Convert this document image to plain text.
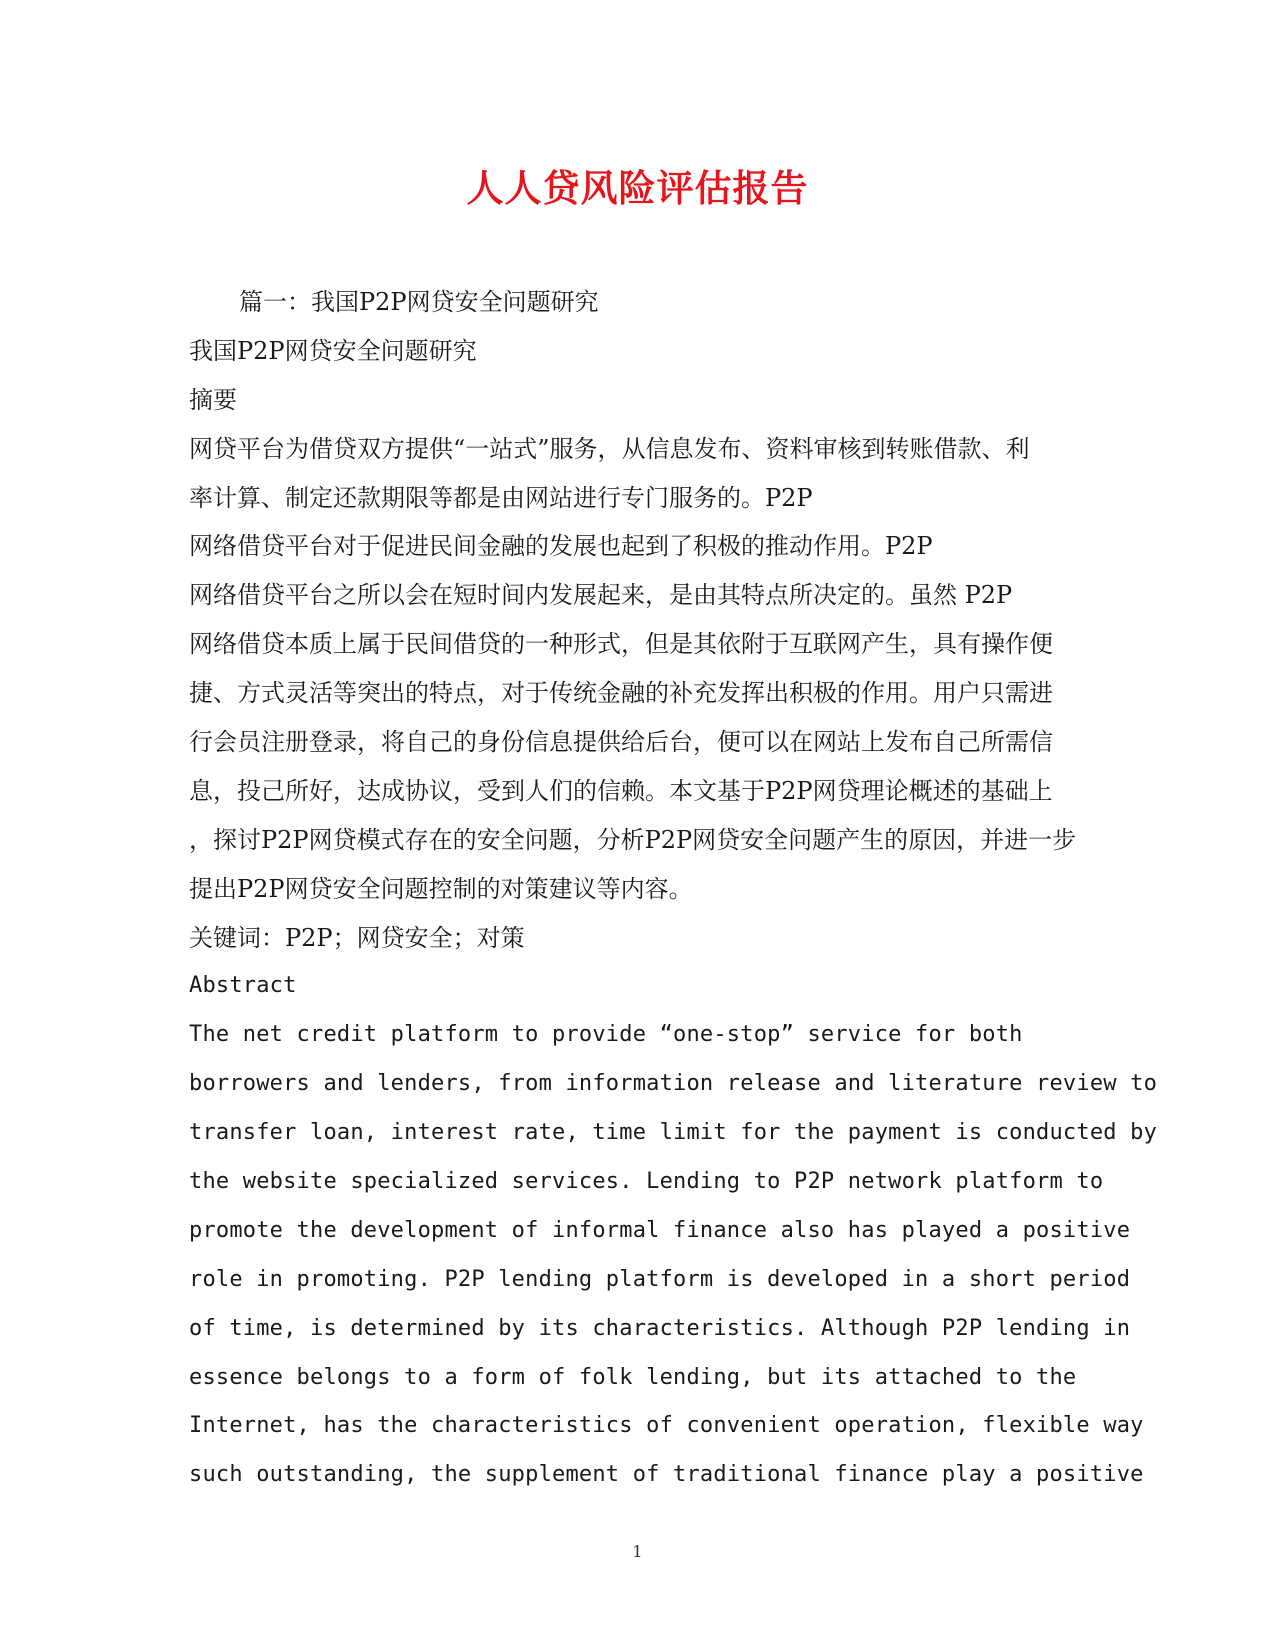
人人贷风险评估报告
篇一：我国P2P网贷安全问题研究
我国P2P网贷安全问题研究
摘要
网贷平台为借贷双方提供“一站式”服务，从信息发布、资料审核到转账借款、利
率计算、制定还款期限等都是由网站进行专门服务的。P2P
网络借贷平台对于促进民间金融的发展也起到了积极的推动作用。P2P
网络借贷平台之所以会在短时间内发展起来，是由其特点所决定的。虽然 P2P
网络借贷本质上属于民间借贷的一种形式，但是其依附于互联网产生，具有操作便
捷、方式灵活等突出的特点，对于传统金融的补充发挥出积极的作用。用户只需进
行会员注册登录，将自己的身份信息提供给后台，便可以在网站上发布自己所需信
息，投己所好，达成协议，受到人们的信赖。本文基于P2P网贷理论概述的基础上
，探讨P2P网贷模式存在的安全问题，分析P2P网贷安全问题产生的原因，并进一步
提出P2P网贷安全问题控制的对策建议等内容。
关键词：P2P；网贷安全；对策
Abstract
The net credit platform to provide “one-stop” service for both
borrowers and lenders, from information release and literature review to
transfer loan, interest rate, time limit for the payment is conducted by
the website specialized services. Lending to P2P network platform to
promote the development of informal finance also has played a positive
role in promoting. P2P lending platform is developed in a short period
of time, is determined by its characteristics. Although P2P lending in
essence belongs to a form of folk lending, but its attached to the
Internet, has the characteristics of convenient operation, flexible way
such outstanding, the supplement of traditional finance play a positive
1
